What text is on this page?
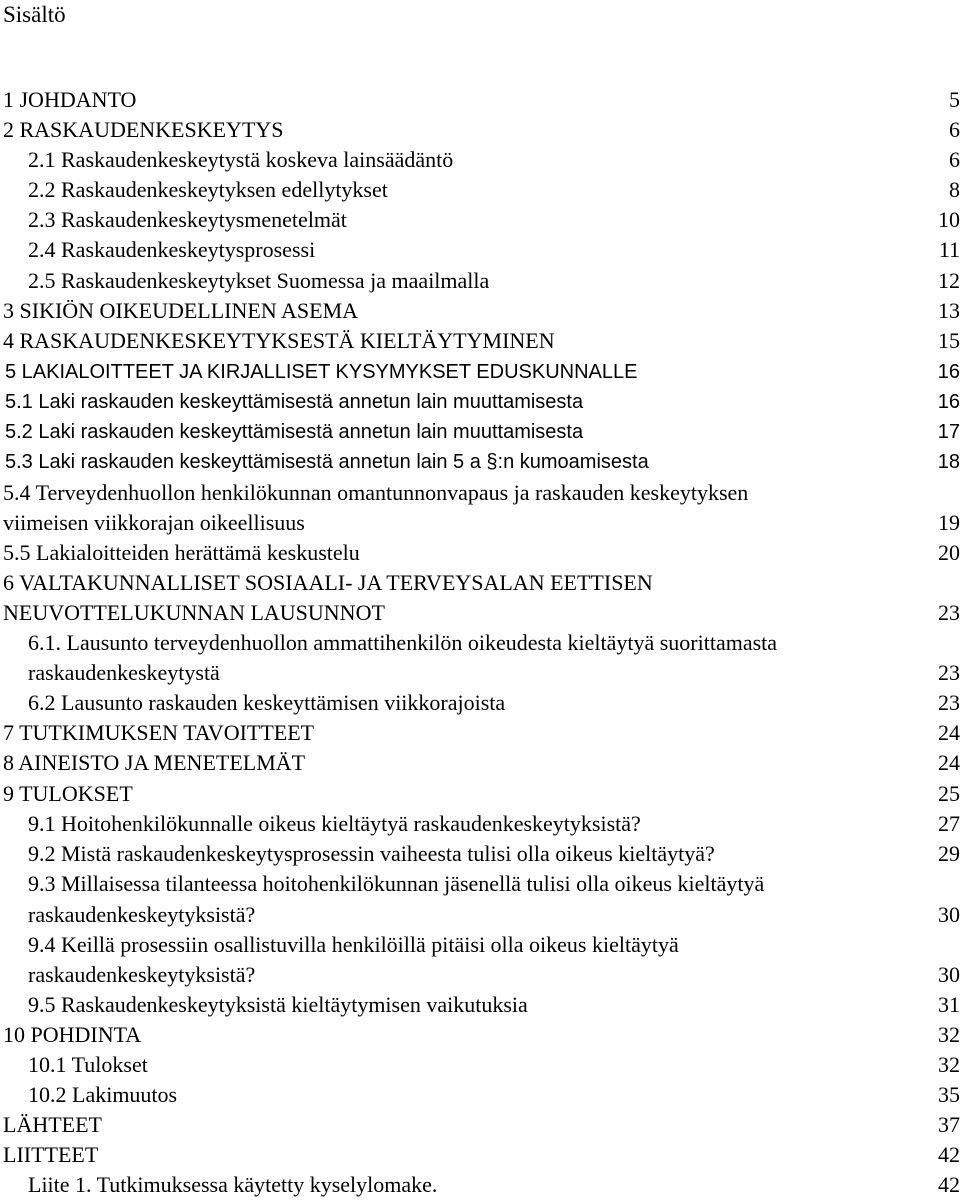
Sisältö
1 JOHDANTO	5
2 RASKAUDENKESKEYTYS	6
2.1 Raskaudenkeskeytystä koskeva lainsäädäntö	6
2.2 Raskaudenkeskeytyksen edellytykset	8
2.3 Raskaudenkeskeytysmenetelmät	10
2.4 Raskaudenkeskeytysprosessi	11
2.5 Raskaudenkeskeytykset Suomessa ja maailmalla	12
3 SIKIÖN OIKEUDELLINEN ASEMA	13
4 RASKAUDENKESKEYTYKSESTÄ KIELTÄYTYMINEN	15
5 LAKIALOITTEET JA KIRJALLISET KYSYMYKSET EDUSKUNNALLE	16
5.1 Laki raskauden keskeyttämisestä annetun lain muuttamisesta	16
5.2 Laki raskauden keskeyttämisestä annetun lain muuttamisesta	17
5.3 Laki raskauden keskeyttämisestä annetun lain 5 a §:n kumoamisesta	18
5.4 Terveydenhuollon henkilökunnan omantunnonvapaus ja raskauden keskeytyksen
viimeisen viikkorajan oikeellisuus	19
5.5 Lakialoitteiden herättämä keskustelu	20
6 VALTAKUNNALLISET SOSIAALI- JA TERVEYSALAN EETTISEN
NEUVOTTELUKUNNAN LAUSUNNOT	23
6.1. Lausunto terveydenhuollon ammattihenkilön oikeudesta kieltäytyä suorittamasta
raskaudenkeskeytystä	23
6.2 Lausunto raskauden keskeyttämisen viikkorajoista	23
7 TUTKIMUKSEN TAVOITTEET	24
8 AINEISTO JA MENETELMÄT	24
9 TULOKSET	25
9.1 Hoitohenkilökunnalle oikeus kieltäytyä raskaudenkeskeytyksistä?	27
9.2 Mistä raskaudenkeskeytysprosessin vaiheesta tulisi olla oikeus kieltäytyä?	29
9.3 Millaisessa tilanteessa hoitohenkilökunnan jäsenellä tulisi olla oikeus kieltäytyä
raskaudenkeskeytyksistä?	30
9.4 Keillä prosessiin osallistuvilla henkilöillä pitäisi olla oikeus kieltäytyä
raskaudenkeskeytyksistä?	30
9.5 Raskaudenkeskeytyksistä kieltäytymisen vaikutuksia	31
10 POHDINTA	32
10.1 Tulokset	32
10.2 Lakimuutos	35
LÄHTEET	37
LIITTEET	42
Liite 1. Tutkimuksessa käytetty kyselylomake.	42
